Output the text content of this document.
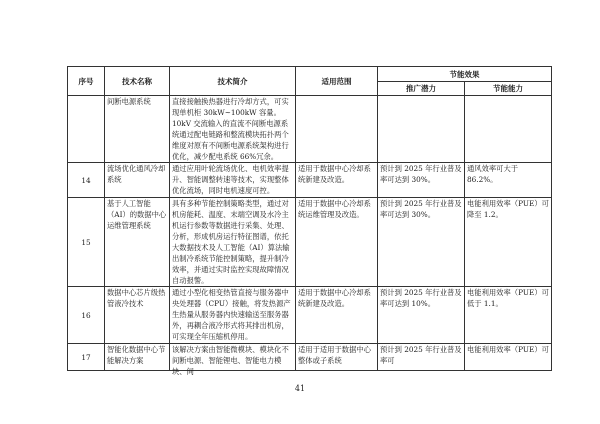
序号	技术名称	技术简介	适用范围	节能效果	
				推广潜力	节能能力
	间断电源系统	直接接触换热器进行冷却方式，可实现单机柜 30kW~100kW 容量。10kV 交流输入的直流不间断电源系统通过配电链路和整流模块拓扑两个维度对原有不间断电源系统架构进行优化，减少配电系统 66%冗余。			
14	流场优化通风冷却系统	通过应用叶轮流场优化、电机效率提升、智能调整转速等技术，实现整体优化流场，同时电机速度可控。	适用于数据中心冷却系统新建及改造。	预计到 2025 年行业普及率可达到 30%。	通风效率可大于 86.2%。
15	基于人工智能（AI）的数据中心运维管理系统	具有多种节能控制策略类型，通过对机房能耗、温度、末端空调及水冷主机运行参数等数据进行采集、处理、分析，形成机房运行特征图谱，依托大数据技术及人工智能（AI）算法输出制冷系统节能控制策略，提升制冷效率，并通过实时监控实现故障情况自动报警。	适用于数据中心冷却系统运维管理及改造。	预计到 2025 年行业普及率可达到 30%。	电能利用效率（PUE）可降至 1.2。
16	数据中心芯片级热管液冷技术	通过小型化相变热管直接与服务器中央处理器（CPU）接触，将发热源产生热量从服务器内快速输送至服务器外，再耦合液冷形式将其排出机房，可实现全年压缩机停用。	适用于数据中心冷却系统新建及改造。	预计到 2025 年行业普及率可达到 10%。	电能利用效率（PUE）可低于 1.1。
17	智能化数据中心节能解决方案	该解决方案由智能微模块、模块化不间断电源、智能锂电、智能电力模块、间	适用于适用于数据中心整体或子系统	预计到 2025 年行业普及率可	电能利用效率（PUE）可
41
